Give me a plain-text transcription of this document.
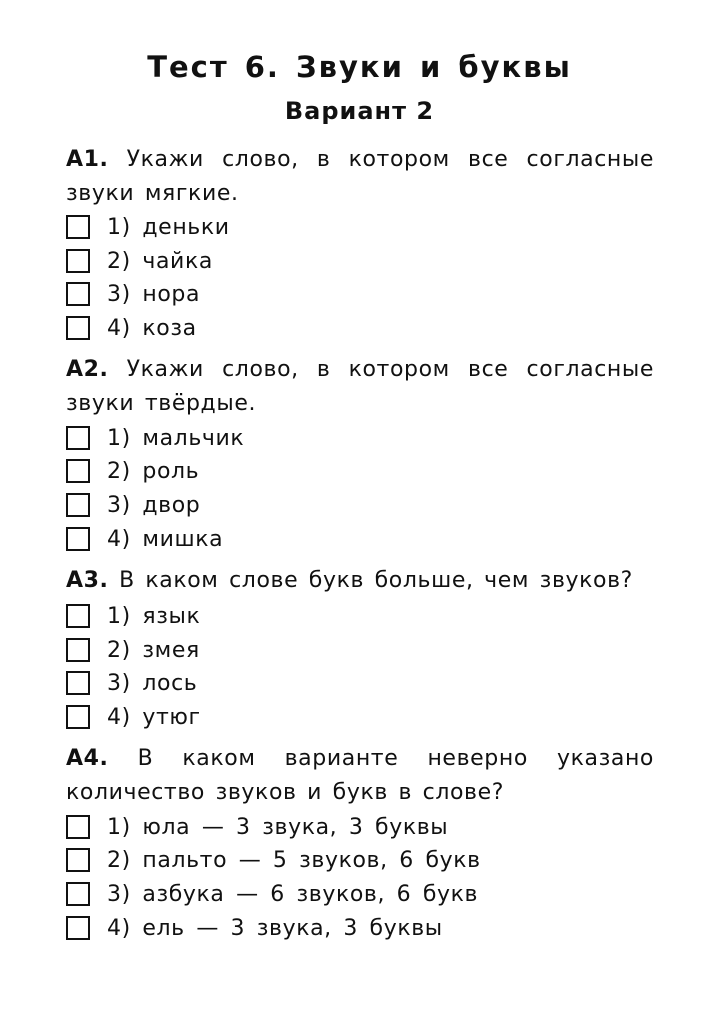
Тест 6. Звуки и буквы
Вариант 2
А1. Укажи слово, в котором все согласные звуки мягкие.
1) деньки
2) чайка
3) нора
4) коза
А2. Укажи слово, в котором все согласные звуки твёрдые.
1) мальчик
2) роль
3) двор
4) мишка
А3. В каком слове букв больше, чем звуков?
1) язык
2) змея
3) лось
4) утюг
А4. В каком варианте неверно указано количество звуков и букв в слове?
1) юла — 3 звука, 3 буквы
2) пальто — 5 звуков, 6 букв
3) азбука — 6 звуков, 6 букв
4) ель — 3 звука, 3 буквы
